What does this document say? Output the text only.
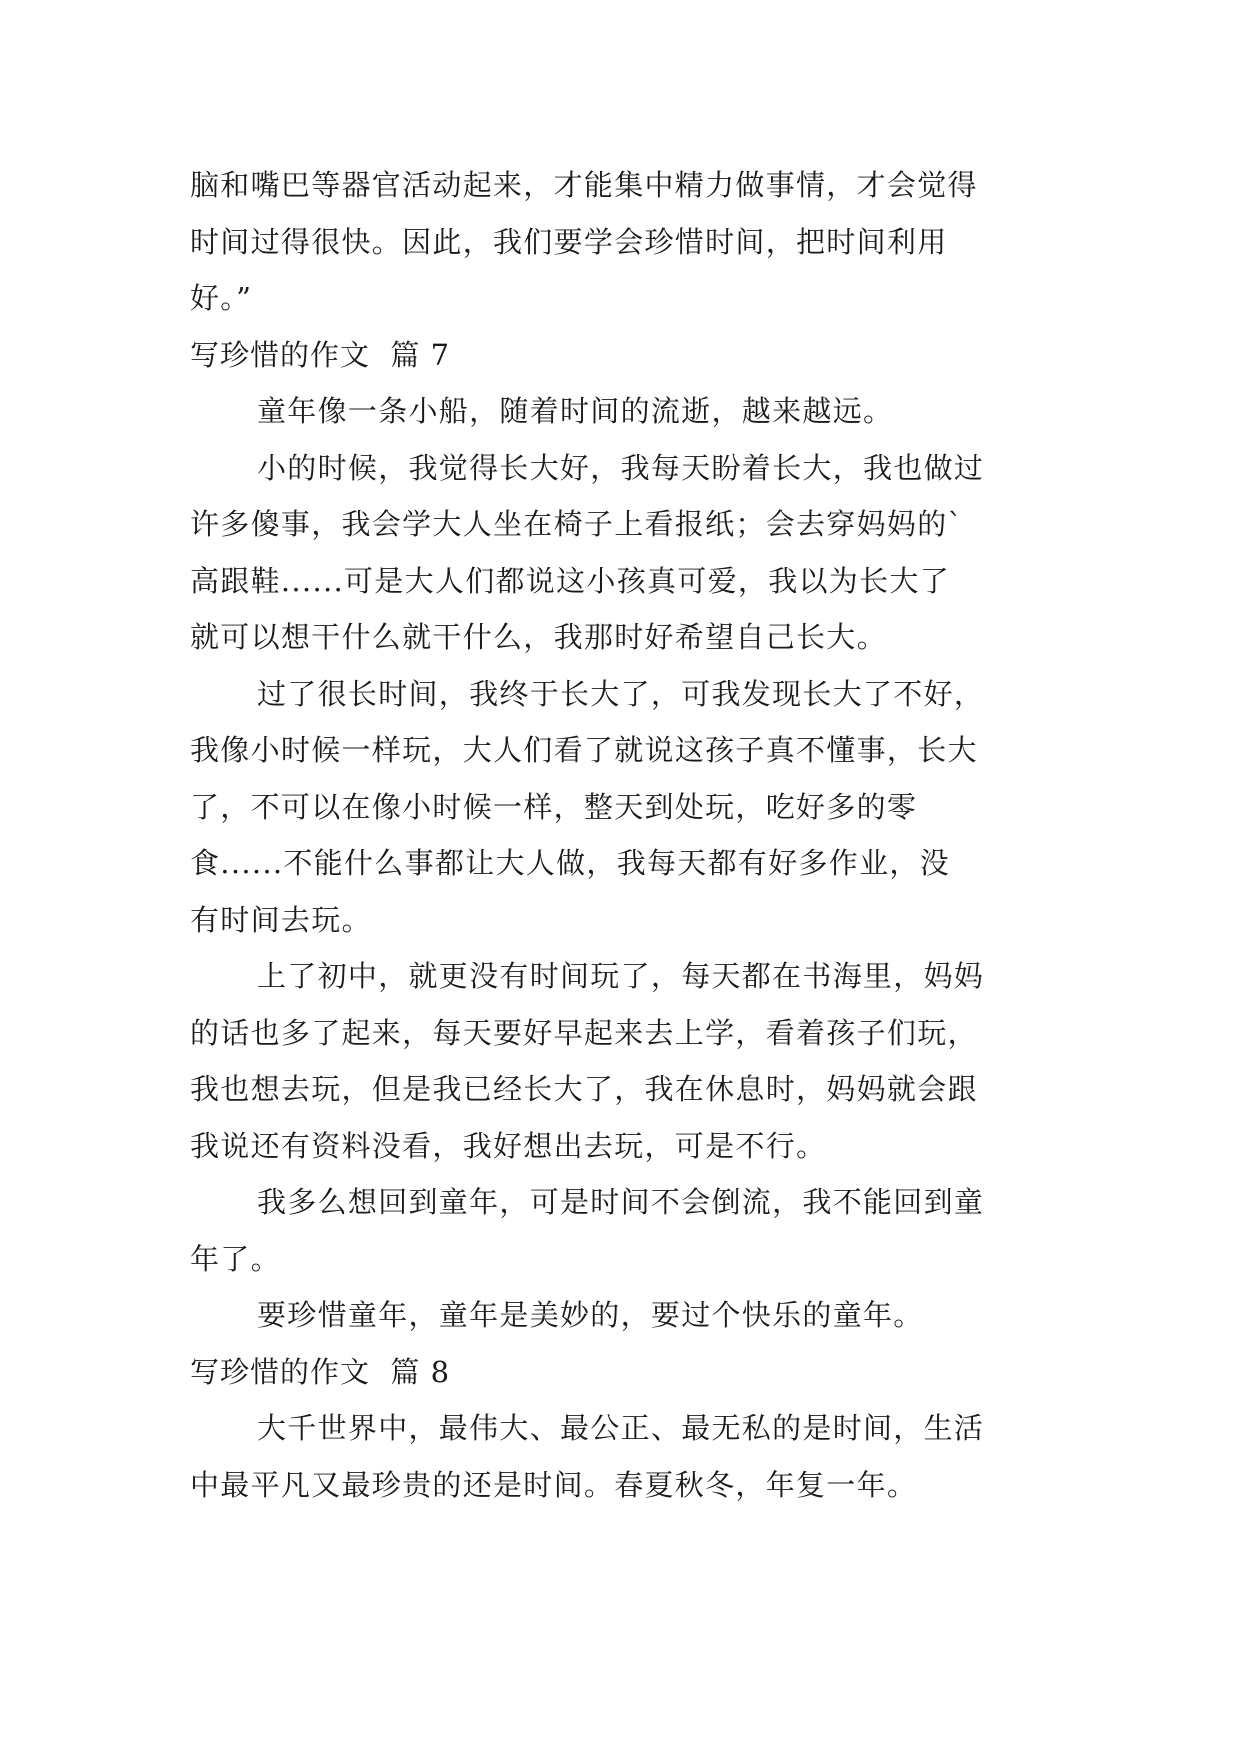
脑和嘴巴等器官活动起来，才能集中精力做事情，才会觉得
时间过得很快。因此，我们要学会珍惜时间，把时间利用
好。”
写珍惜的作文  篇 7
童年像一条小船，随着时间的流逝，越来越远。
小的时候，我觉得长大好，我每天盼着长大，我也做过
许多傻事，我会学大人坐在椅子上看报纸；会去穿妈妈的`
高跟鞋......可是大人们都说这小孩真可爱，我以为长大了
就可以想干什么就干什么，我那时好希望自己长大。
过了很长时间，我终于长大了，可我发现长大了不好，
我像小时候一样玩，大人们看了就说这孩子真不懂事，长大
了，不可以在像小时候一样，整天到处玩，吃好多的零
食......不能什么事都让大人做，我每天都有好多作业，没
有时间去玩。
上了初中，就更没有时间玩了，每天都在书海里，妈妈
的话也多了起来，每天要好早起来去上学，看着孩子们玩，
我也想去玩，但是我已经长大了，我在休息时，妈妈就会跟
我说还有资料没看，我好想出去玩，可是不行。
我多么想回到童年，可是时间不会倒流，我不能回到童
年了。
要珍惜童年，童年是美妙的，要过个快乐的童年。
写珍惜的作文  篇 8
大千世界中，最伟大、最公正、最无私的是时间，生活
中最平凡又最珍贵的还是时间。春夏秋冬，年复一年。
